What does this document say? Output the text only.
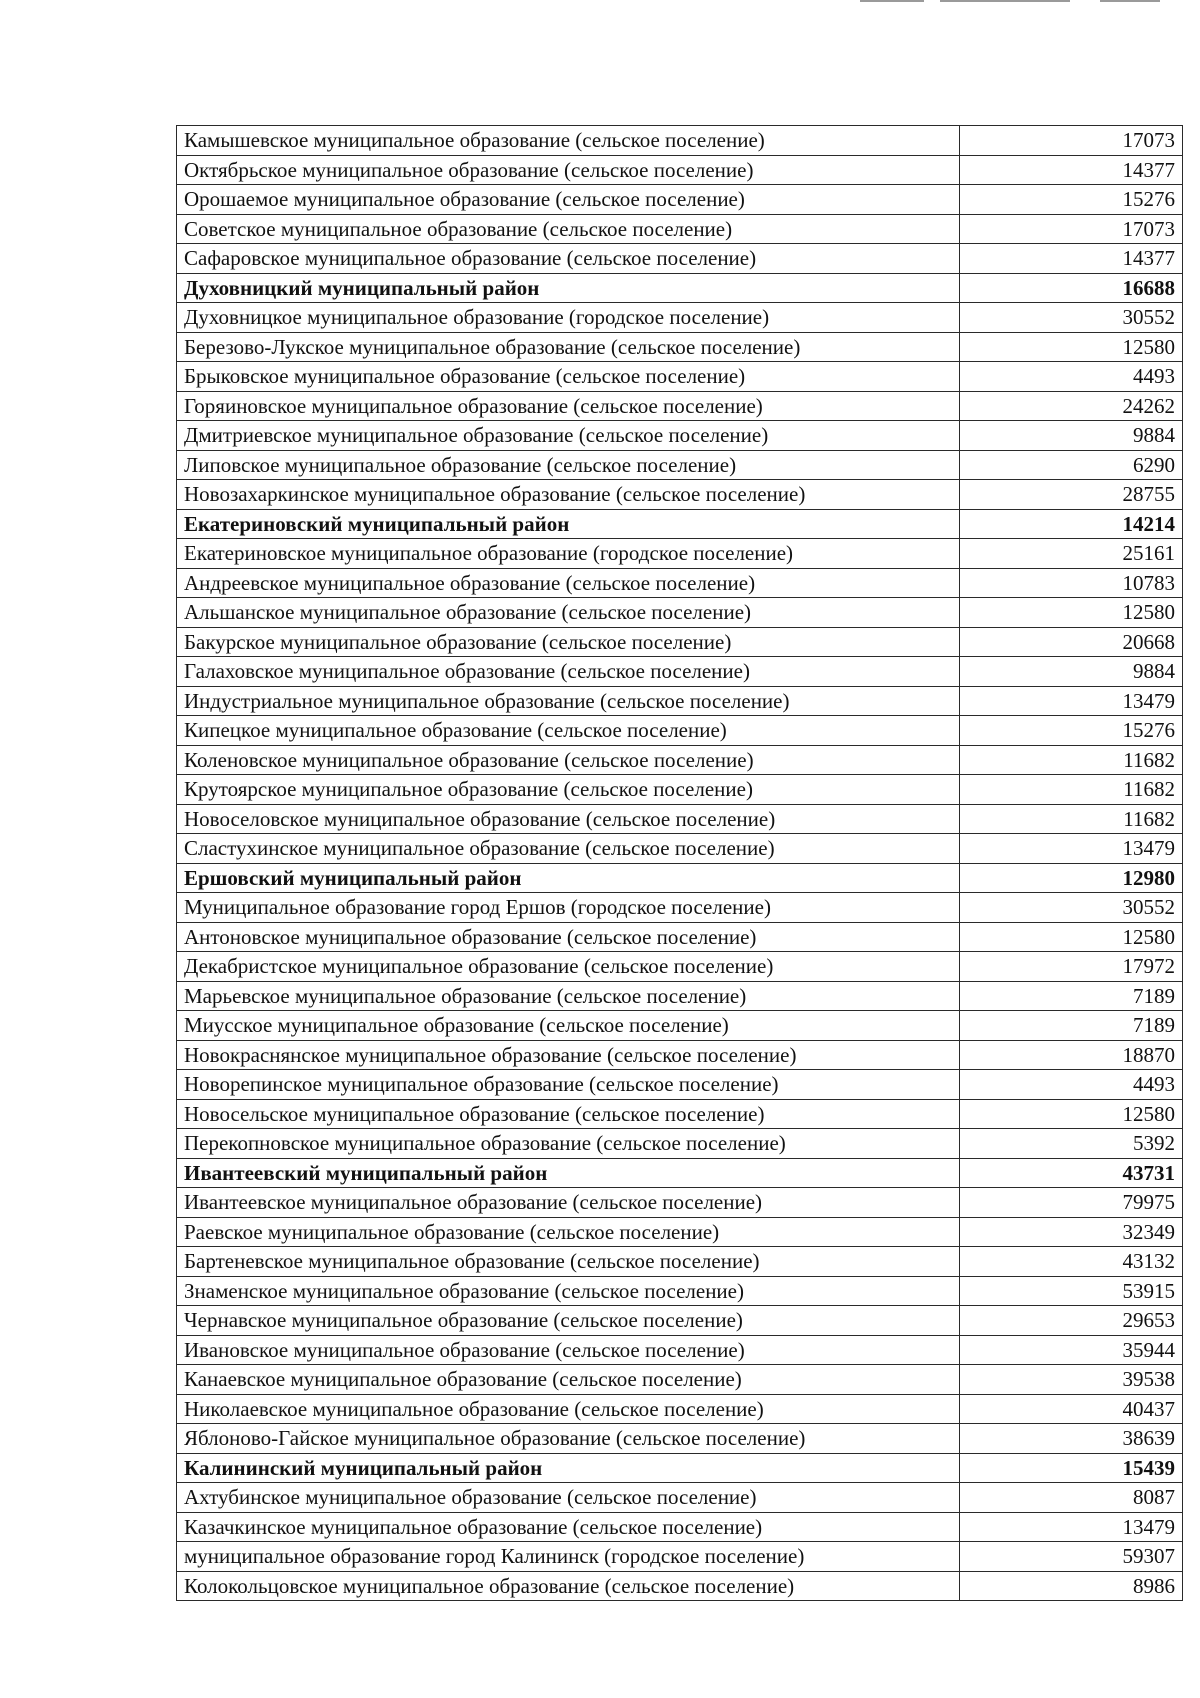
Камышевское муниципальное образование (сельское поселение)	17073
Октябрьское муниципальное образование (сельское поселение)	14377
Орошаемое муниципальное образование (сельское поселение)	15276
Советское муниципальное образование (сельское поселение)	17073
Сафаровское муниципальное образование (сельское поселение)	14377
Духовницкий муниципальный район	16688
Духовницкое муниципальное образование (городское поселение)	30552
Березово-Лукское муниципальное образование (сельское поселение)	12580
Брыковское муниципальное образование (сельское поселение)	4493
Горяиновское муниципальное образование (сельское поселение)	24262
Дмитриевское муниципальное образование (сельское поселение)	9884
Липовское муниципальное образование (сельское поселение)	6290
Новозахаркинское муниципальное образование (сельское поселение)	28755
Екатериновский муниципальный район	14214
Екатериновское муниципальное образование (городское поселение)	25161
Андреевское муниципальное образование (сельское поселение)	10783
Альшанское муниципальное образование (сельское поселение)	12580
Бакурское муниципальное образование (сельское поселение)	20668
Галаховское муниципальное образование (сельское поселение)	9884
Индустриальное муниципальное образование (сельское поселение)	13479
Кипецкое муниципальное образование (сельское поселение)	15276
Коленовское муниципальное образование (сельское поселение)	11682
Крутоярское муниципальное образование (сельское поселение)	11682
Новоселовское муниципальное образование (сельское поселение)	11682
Сластухинское муниципальное образование (сельское поселение)	13479
Ершовский муниципальный район	12980
Муниципальное образование город Ершов (городское поселение)	30552
Антоновское муниципальное образование (сельское поселение)	12580
Декабристское муниципальное образование (сельское поселение)	17972
Марьевское муниципальное образование (сельское поселение)	7189
Миусское муниципальное образование (сельское поселение)	7189
Новокраснянское муниципальное образование (сельское поселение)	18870
Новорепинское муниципальное образование (сельское поселение)	4493
Новосельское муниципальное образование (сельское поселение)	12580
Перекопновское муниципальное образование (сельское поселение)	5392
Ивантеевский муниципальный район	43731
Ивантеевское муниципальное образование (сельское поселение)	79975
Раевское муниципальное образование (сельское поселение)	32349
Бартеневское муниципальное образование (сельское поселение)	43132
Знаменское муниципальное образование (сельское поселение)	53915
Чернавское муниципальное образование (сельское поселение)	29653
Ивановское муниципальное образование (сельское поселение)	35944
Канаевское муниципальное образование (сельское поселение)	39538
Николаевское муниципальное образование (сельское поселение)	40437
Яблоново-Гайское муниципальное образование (сельское поселение)	38639
Калининский муниципальный район	15439
Ахтубинское муниципальное образование (сельское поселение)	8087
Казачкинское муниципальное образование (сельское поселение)	13479
муниципальное образование город Калининск (городское поселение)	59307
Колокольцовское муниципальное образование (сельское поселение)	8986
